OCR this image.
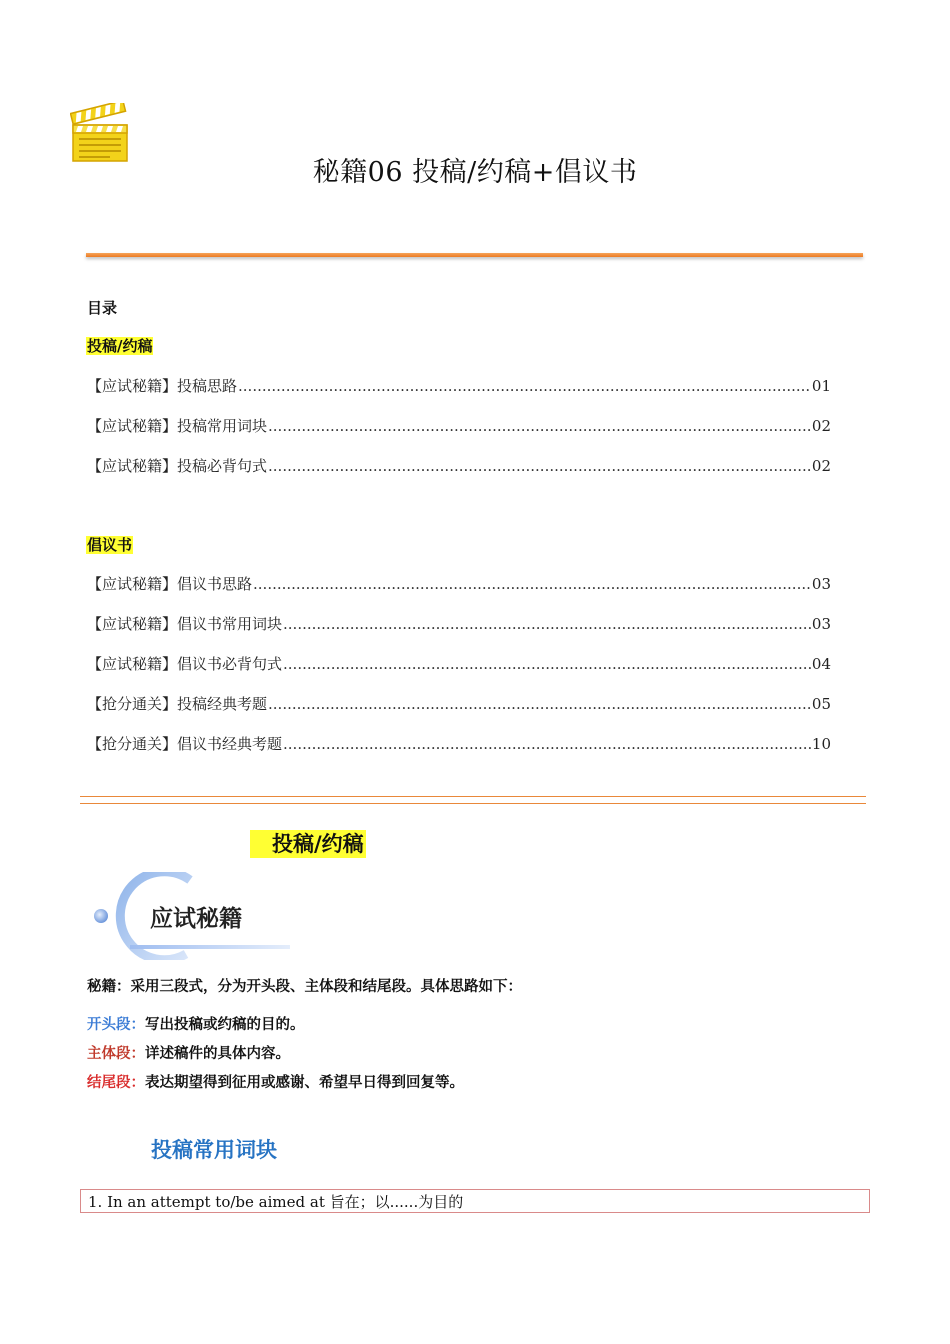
秘籍06 投稿/约稿+倡议书
目录
投稿/约稿
【应试秘籍】投稿思路 .....	01
【应试秘籍】投稿常用词块 .....	02
【应试秘籍】投稿必背句式 .....	02
倡议书
【应试秘籍】倡议书思路 .....	03
【应试秘籍】倡议书常用词块 .....	03
【应试秘籍】倡议书必背句式 .....	04
【抢分通关】投稿经典考题 .....	05
【抢分通关】倡议书经典考题 .....	10
投稿/约稿
应试秘籍
秘籍：采用三段式，分为开头段、主体段和结尾段。具体思路如下：
开头段：写出投稿或约稿的目的。
主体段：详述稿件的具体内容。
结尾段：表达期望得到征用或感谢、希望早日得到回复等。
投稿常用词块
1. In an attempt to/be aimed at 旨在；以......为目的
